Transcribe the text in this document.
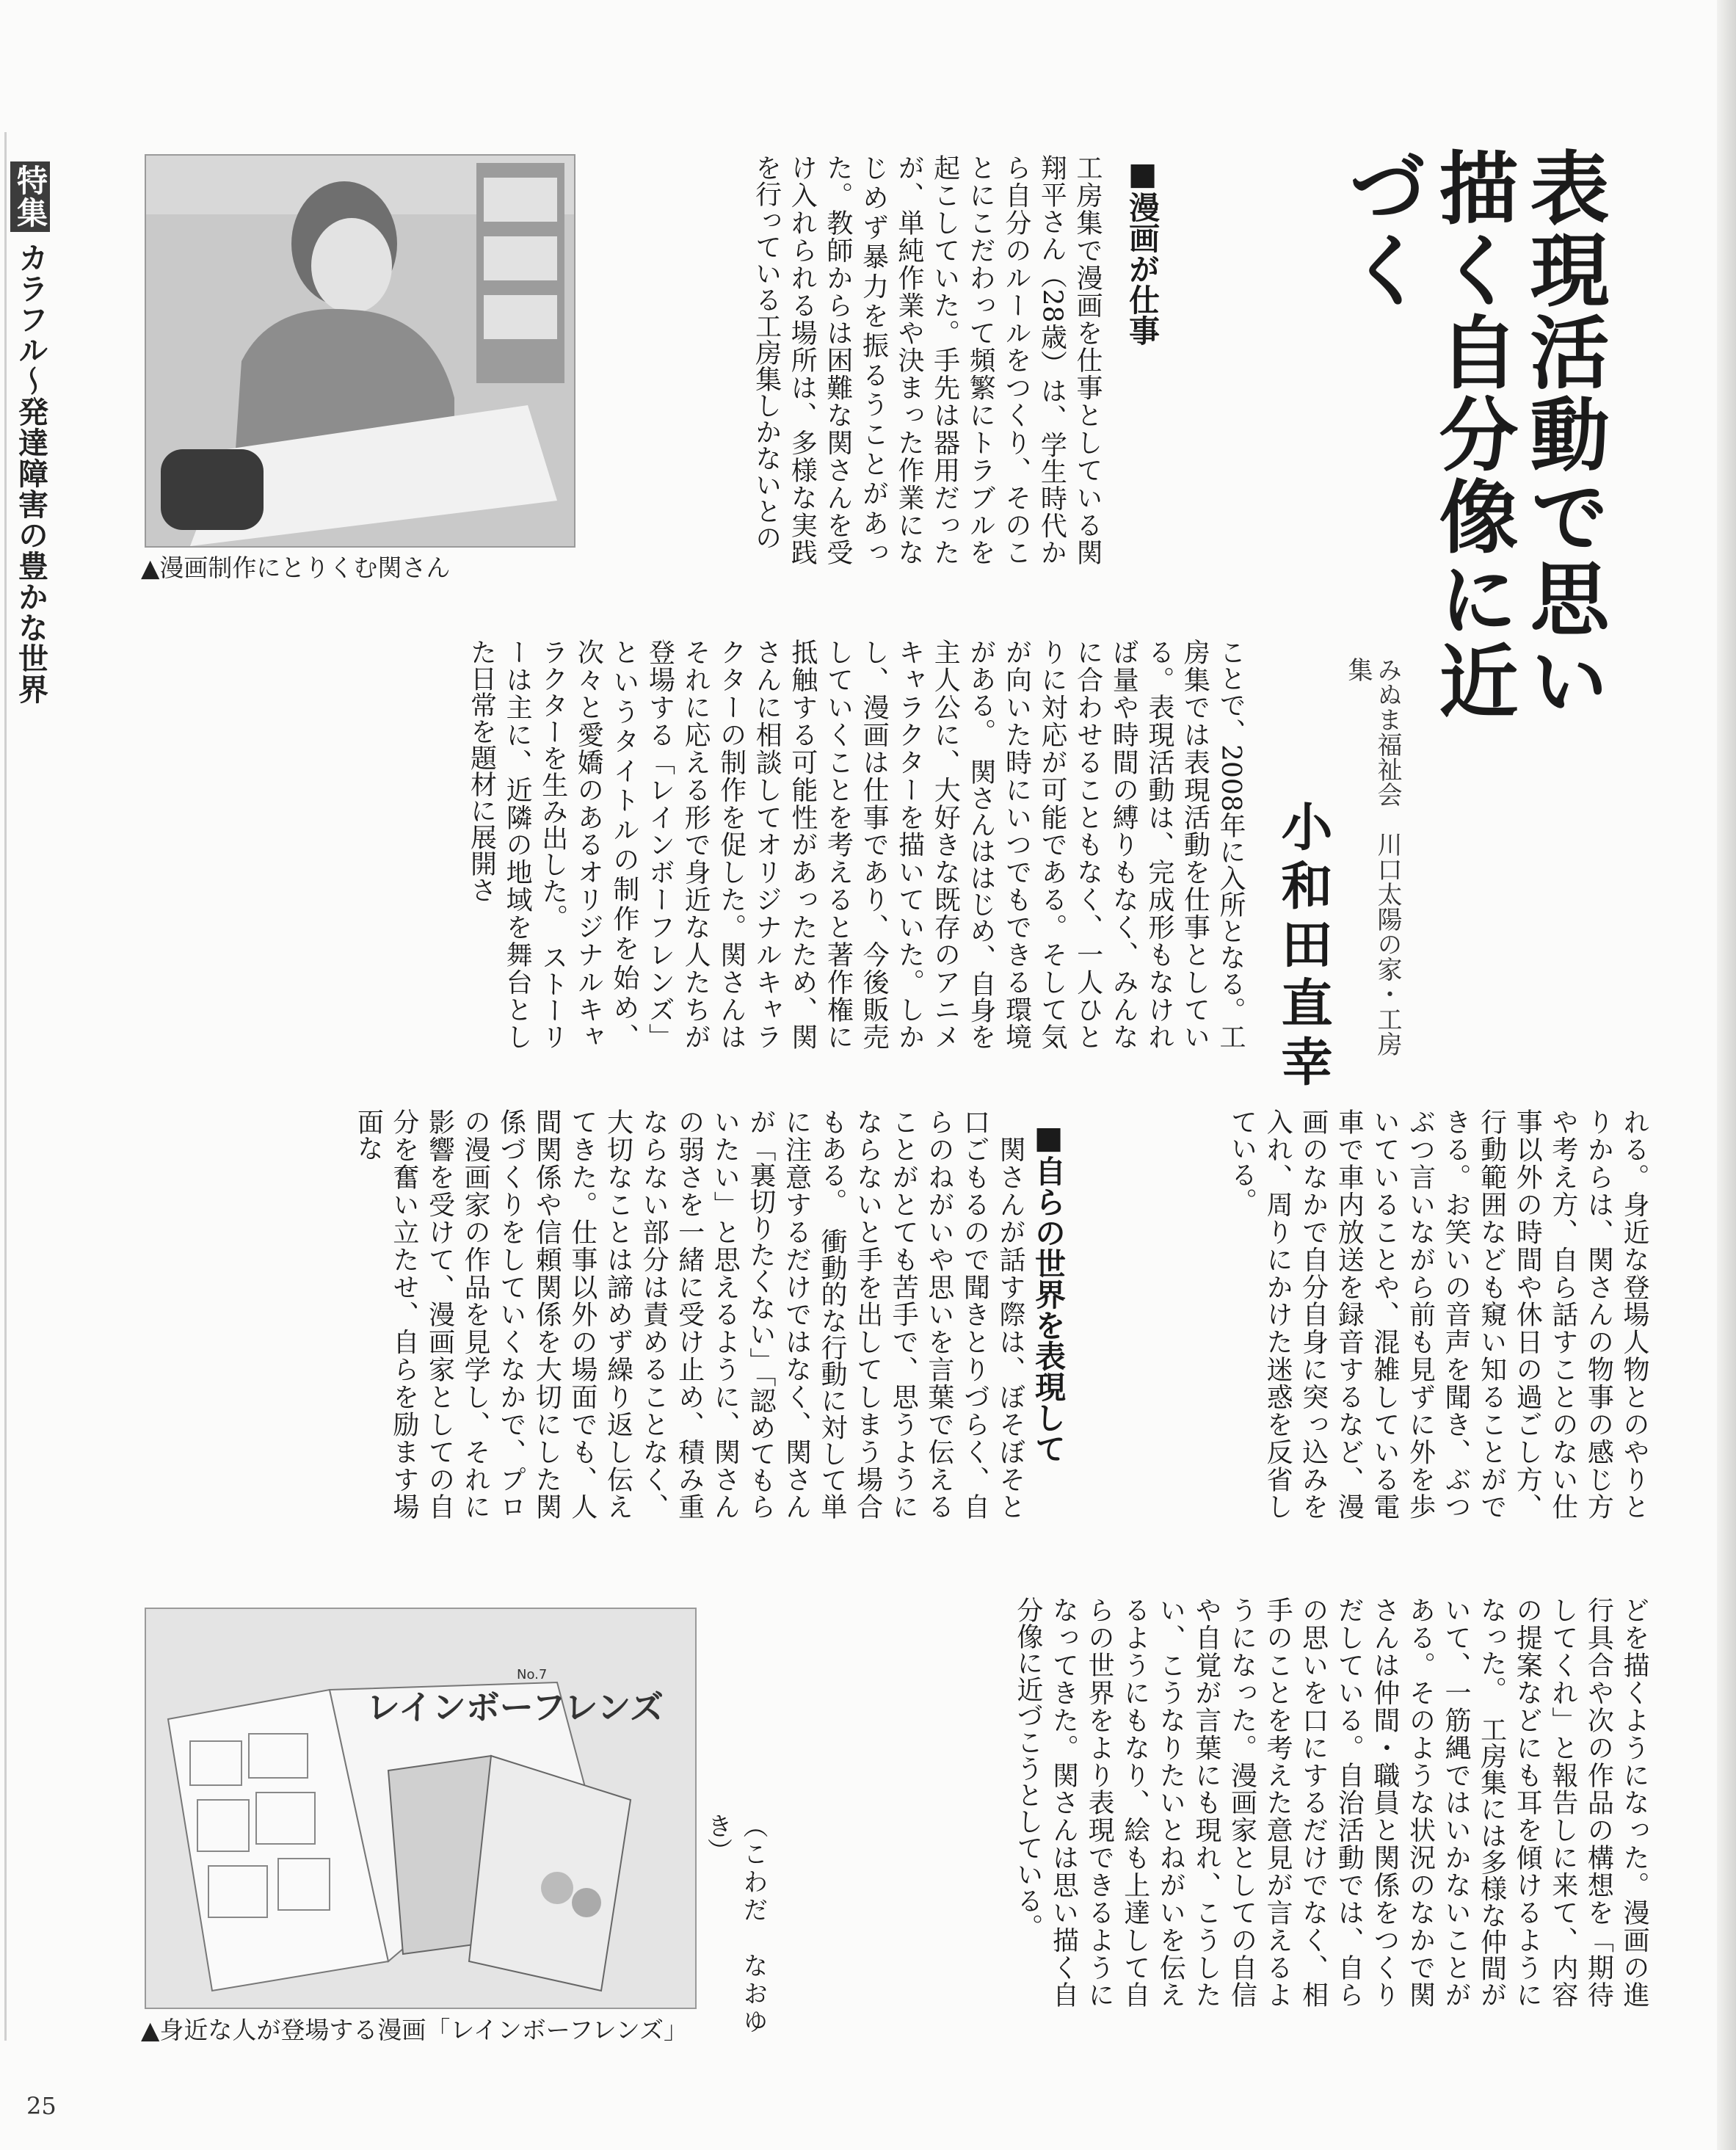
特集
カラフル～発達障害の豊かな世界	表現活動で思い描く自分像に近づく
みぬま福祉会　川口太陽の家・工房集
小和田直幸
■漫画が仕事
■自らの世界を表現して
工房集で漫画を仕事としている関翔平さん（28歳）は、学生時代から自分のルールをつくり、そのことにこだわって頻繁にトラブルを起こしていた。手先は器用だったが、単純作業や決まった作業になじめず暴力を振るうことがあった。教師からは困難な関さんを受け入れられる場所は、多様な実践を行っている工房集しかないとの
ことで、2008年に入所となる。工房集では表現活動を仕事としている。表現活動は、完成形もなければ量や時間の縛りもなく、みんなに合わせることもなく、一人ひとりに対応が可能である。そして気が向いた時にいつでもできる環境がある。　関さんははじめ、自身を主人公に、大好きな既存のアニメキャラクターを描いていた。しかし、漫画は仕事であり、今後販売していくことを考えると著作権に抵触する可能性があったため、関さんに相談してオリジナルキャラクターの制作を促した。関さんはそれに応える形で身近な人たちが登場する「レインボーフレンズ」というタイトルの制作を始め、次々と愛嬌のあるオリジナルキャラクターを生み出した。　ストーリーは主に、近隣の地域を舞台とした日常を題材に展開さ
れる。身近な登場人物とのやりとりからは、関さんの物事の感じ方や考え方、自ら話すことのない仕事以外の時間や休日の過ごし方、行動範囲なども窺い知ることができる。お笑いの音声を聞き、ぶつぶつ言いながら前も見ずに外を歩いていることや、混雑している電車で車内放送を録音するなど、漫画のなかで自分自身に突っ込みを入れ、周りにかけた迷惑を反省している。
　関さんが話す際は、ぼそぼそと口ごもるので聞きとりづらく、自らのねがいや思いを言葉で伝えることがとても苦手で、思うようにならないと手を出してしまう場合もある。　衝動的な行動に対して単に注意するだけではなく、関さんが「裏切りたくない」「認めてもらいたい」と思えるように、関さんの弱さを一緒に受け止め、積み重ならない部分は責めることなく、大切なことは諦めず繰り返し伝えてきた。仕事以外の場面でも、人間関係や信頼関係を大切にした関係づくりをしていくなかで、プロの漫画家の作品を見学し、それに影響を受けて、漫画家としての自分を奮い立たせ、自らを励ます場面な
どを描くようになった。漫画の進行具合や次の作品の構想を「期待してくれ」と報告しに来て、内容の提案などにも耳を傾けるようになった。　工房集には多様な仲間がいて、一筋縄ではいかないことがある。そのような状況のなかで関さんは仲間・職員と関係をつくりだしている。自治活動では、自らの思いを口にするだけでなく、相手のことを考えた意見が言えるようになった。漫画家としての自信や自覚が言葉にも現れ、こうしたい、こうなりたいとねがいを伝えるようにもなり、絵も上達して自らの世界をより表現できるようになってきた。関さんは思い描く自分像に近づこうとしている。
（こわだ　なおゆき）
▲漫画制作にとりくむ関さん
レインボーフレンズ
No.7
▲身近な人が登場する漫画「レインボーフレンズ」
25
